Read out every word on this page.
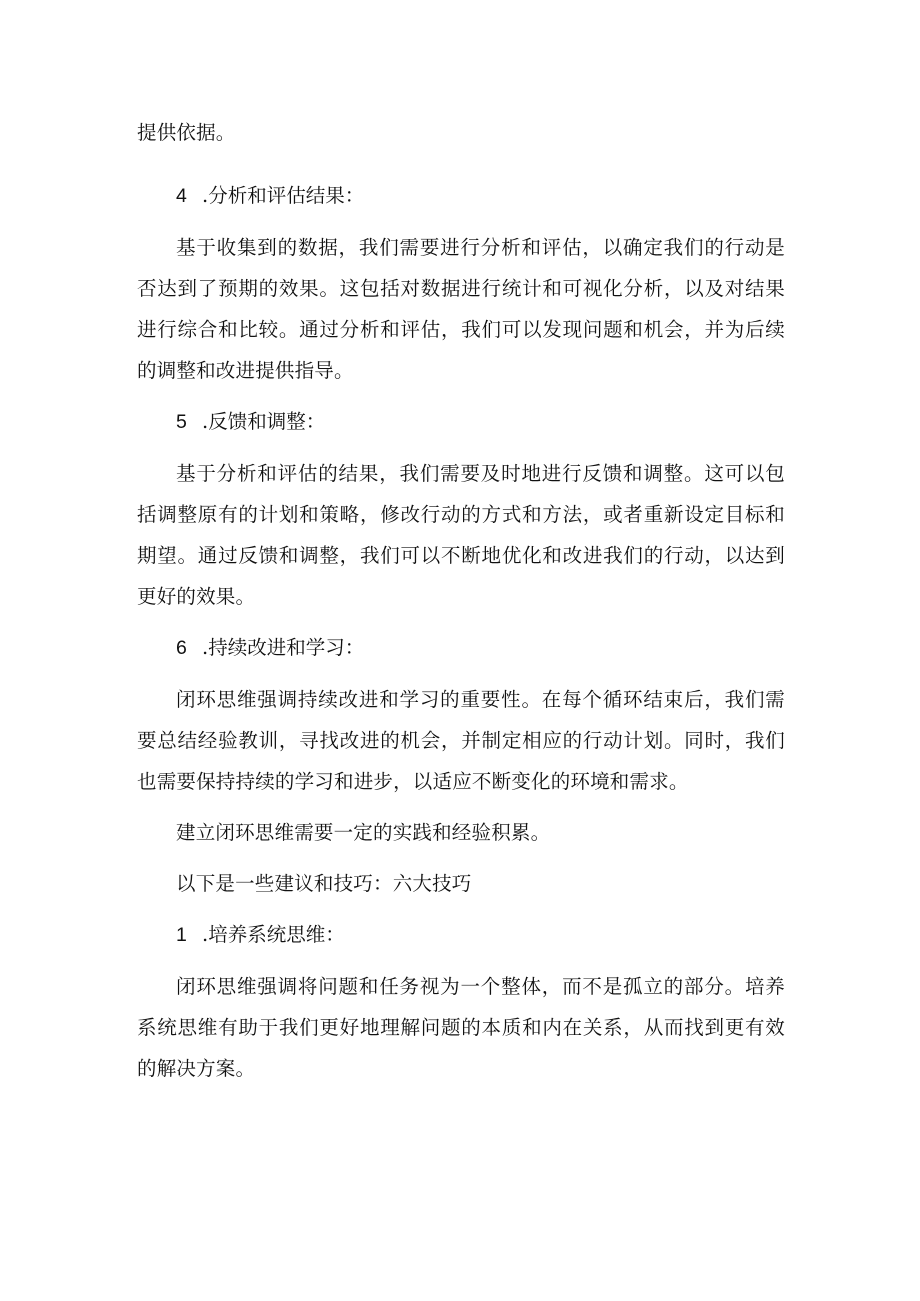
提供依据。

4 .分析和评估结果：

基于收集到的数据，我们需要进行分析和评估，以确定我们的行动是否达到了预期的效果。这包括对数据进行统计和可视化分析，以及对结果进行综合和比较。通过分析和评估，我们可以发现问题和机会，并为后续的调整和改进提供指导。

5 .反馈和调整：

基于分析和评估的结果，我们需要及时地进行反馈和调整。这可以包括调整原有的计划和策略，修改行动的方式和方法，或者重新设定目标和期望。通过反馈和调整，我们可以不断地优化和改进我们的行动，以达到更好的效果。

6 .持续改进和学习：

闭环思维强调持续改进和学习的重要性。在每个循环结束后，我们需要总结经验教训，寻找改进的机会，并制定相应的行动计划。同时，我们也需要保持持续的学习和进步，以适应不断变化的环境和需求。

建立闭环思维需要一定的实践和经验积累。

以下是一些建议和技巧：六大技巧

1 .培养系统思维：

闭环思维强调将问题和任务视为一个整体，而不是孤立的部分。培养系统思维有助于我们更好地理解问题的本质和内在关系，从而找到更有效的解决方案。
